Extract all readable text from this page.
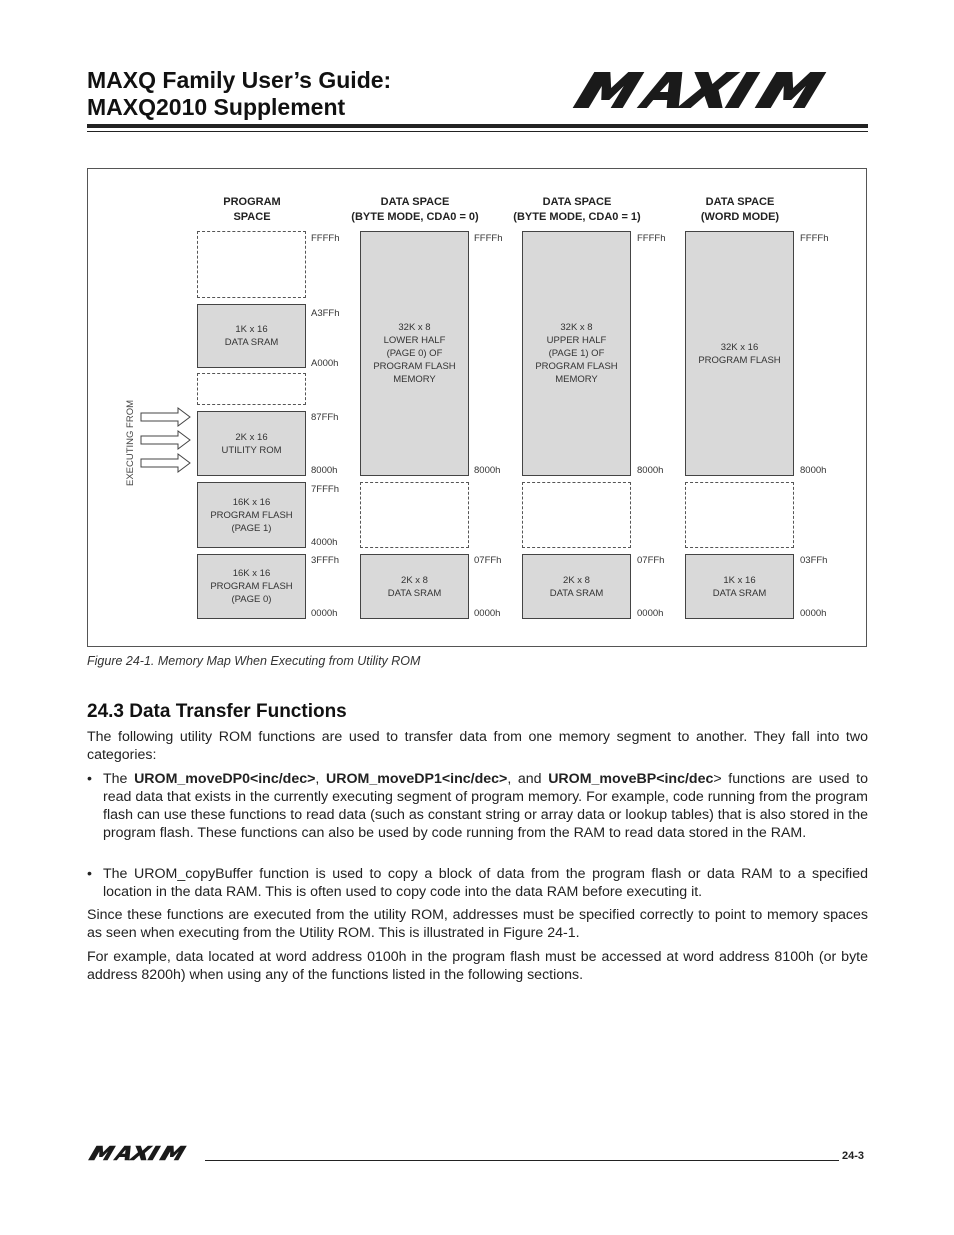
MAXQ Family User’s Guide:
MAXQ2010 Supplement
PROGRAM
SPACE
DATA SPACE
(BYTE MODE, CDA0 = 0)
DATA SPACE
(BYTE MODE, CDA0 = 1)
DATA SPACE
(WORD MODE)
1K x 16
DATA SRAM
2K x 16
UTILITY ROM
16K x 16
PROGRAM FLASH
(PAGE 1)
16K x 16
PROGRAM FLASH
(PAGE 0)
FFFFh
A3FFh
A000h
87FFh
8000h
7FFFh
4000h
3FFFh
0000h
32K x 8
LOWER HALF
(PAGE 0) OF
PROGRAM FLASH
MEMORY
2K x 8
DATA SRAM
FFFFh
8000h
07FFh
0000h
32K x 8
UPPER HALF
(PAGE 1) OF
PROGRAM FLASH
MEMORY
2K x 8
DATA SRAM
FFFFh
8000h
07FFh
0000h
32K x 16
PROGRAM FLASH
1K x 16
DATA SRAM
FFFFh
8000h
03FFh
0000h
EXECUTING FROM
Figure 24-1. Memory Map When Executing from Utility ROM
24.3 Data Transfer Functions
The following utility ROM functions are used to transfer data from one memory segment to another. They fall into two categories:
• The UROM_moveDP0<inc/dec>, UROM_moveDP1<inc/dec>, and UROM_moveBP<inc/dec> functions are used to read data that exists in the currently executing segment of program memory. For example, code running from the program flash can use these functions to read data (such as constant string or array data or lookup tables) that is also stored in the program flash. These functions can also be used by code running from the RAM to read data stored in the RAM.
• The UROM_copyBuffer function is used to copy a block of data from the program flash or data RAM to a specified location in the data RAM. This is often used to copy code into the data RAM before executing it.
Since these functions are executed from the utility ROM, addresses must be specified correctly to point to memory spaces as seen when executing from the Utility ROM. This is illustrated in Figure 24-1.
For example, data located at word address 0100h in the program flash must be accessed at word address 8100h (or byte address 8200h) when using any of the functions listed in the following sections.
24-3
